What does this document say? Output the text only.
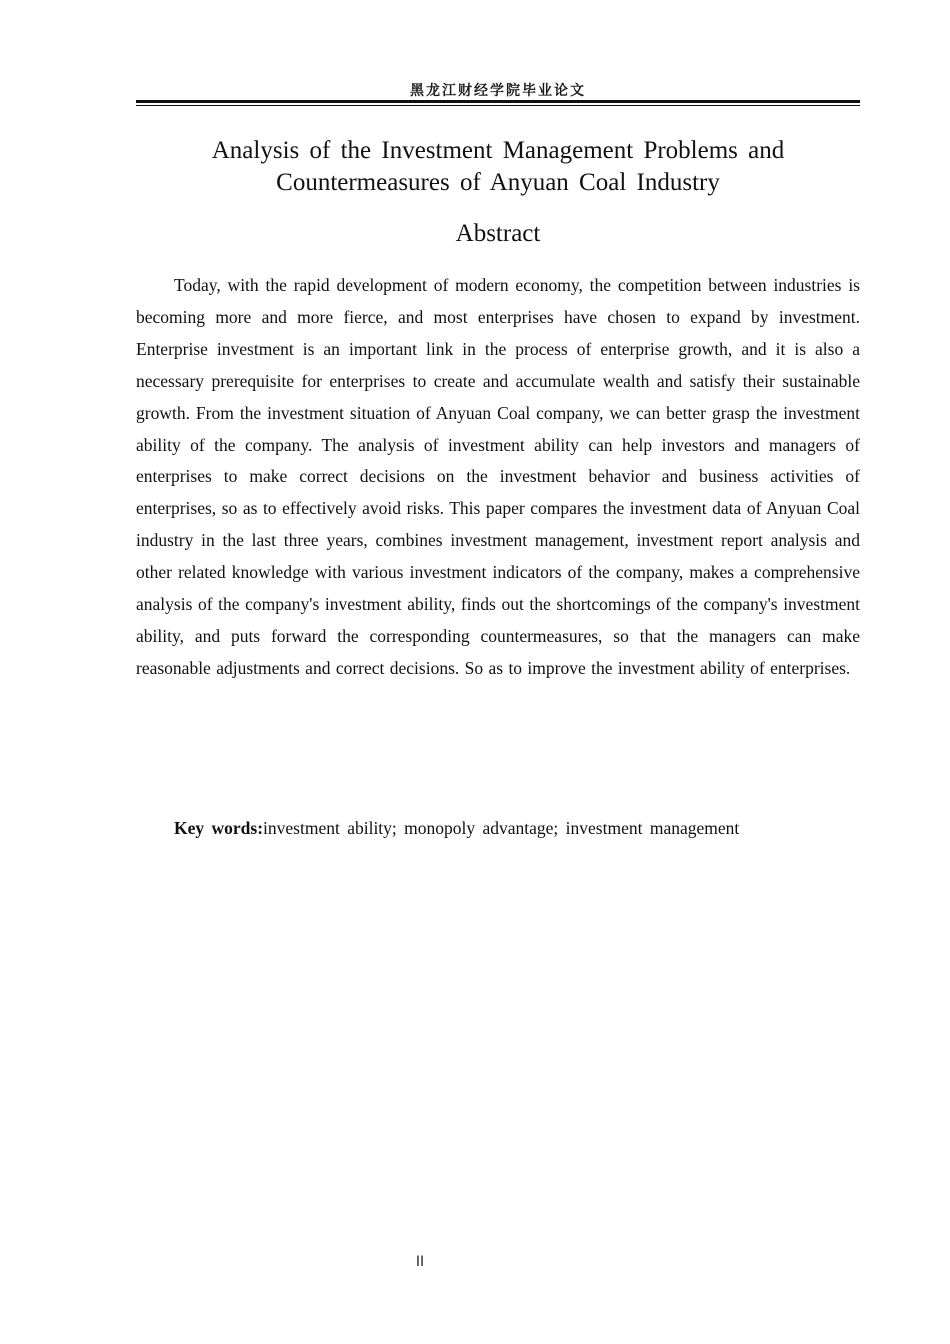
黑龙江财经学院毕业论文
Analysis of the Investment Management Problems and
Countermeasures of Anyuan Coal Industry
Abstract

Today, with the rapid development of modern economy, the competition between industries is becoming more and more fierce, and most enterprises have chosen to expand by investment. Enterprise investment is an important link in the process of enterprise growth, and it is also a necessary prerequisite for enterprises to create and accumulate wealth and satisfy their sustainable growth. From the investment situation of Anyuan Coal company, we can better grasp the investment ability of the company. The analysis of investment ability can help investors and managers of enterprises to make correct decisions on the investment behavior and business activities of enterprises, so as to effectively avoid risks. This paper compares the investment data of Anyuan Coal industry in the last three years, combines investment management, investment report analysis and other related knowledge with various investment indicators of the company, makes a comprehensive analysis of the company's investment ability, finds out the shortcomings of the company's investment ability, and puts forward the corresponding countermeasures, so that the managers can make reasonable adjustments and correct decisions. So as to improve the investment ability of enterprises.

Key words:investment ability; monopoly advantage; investment management
II
